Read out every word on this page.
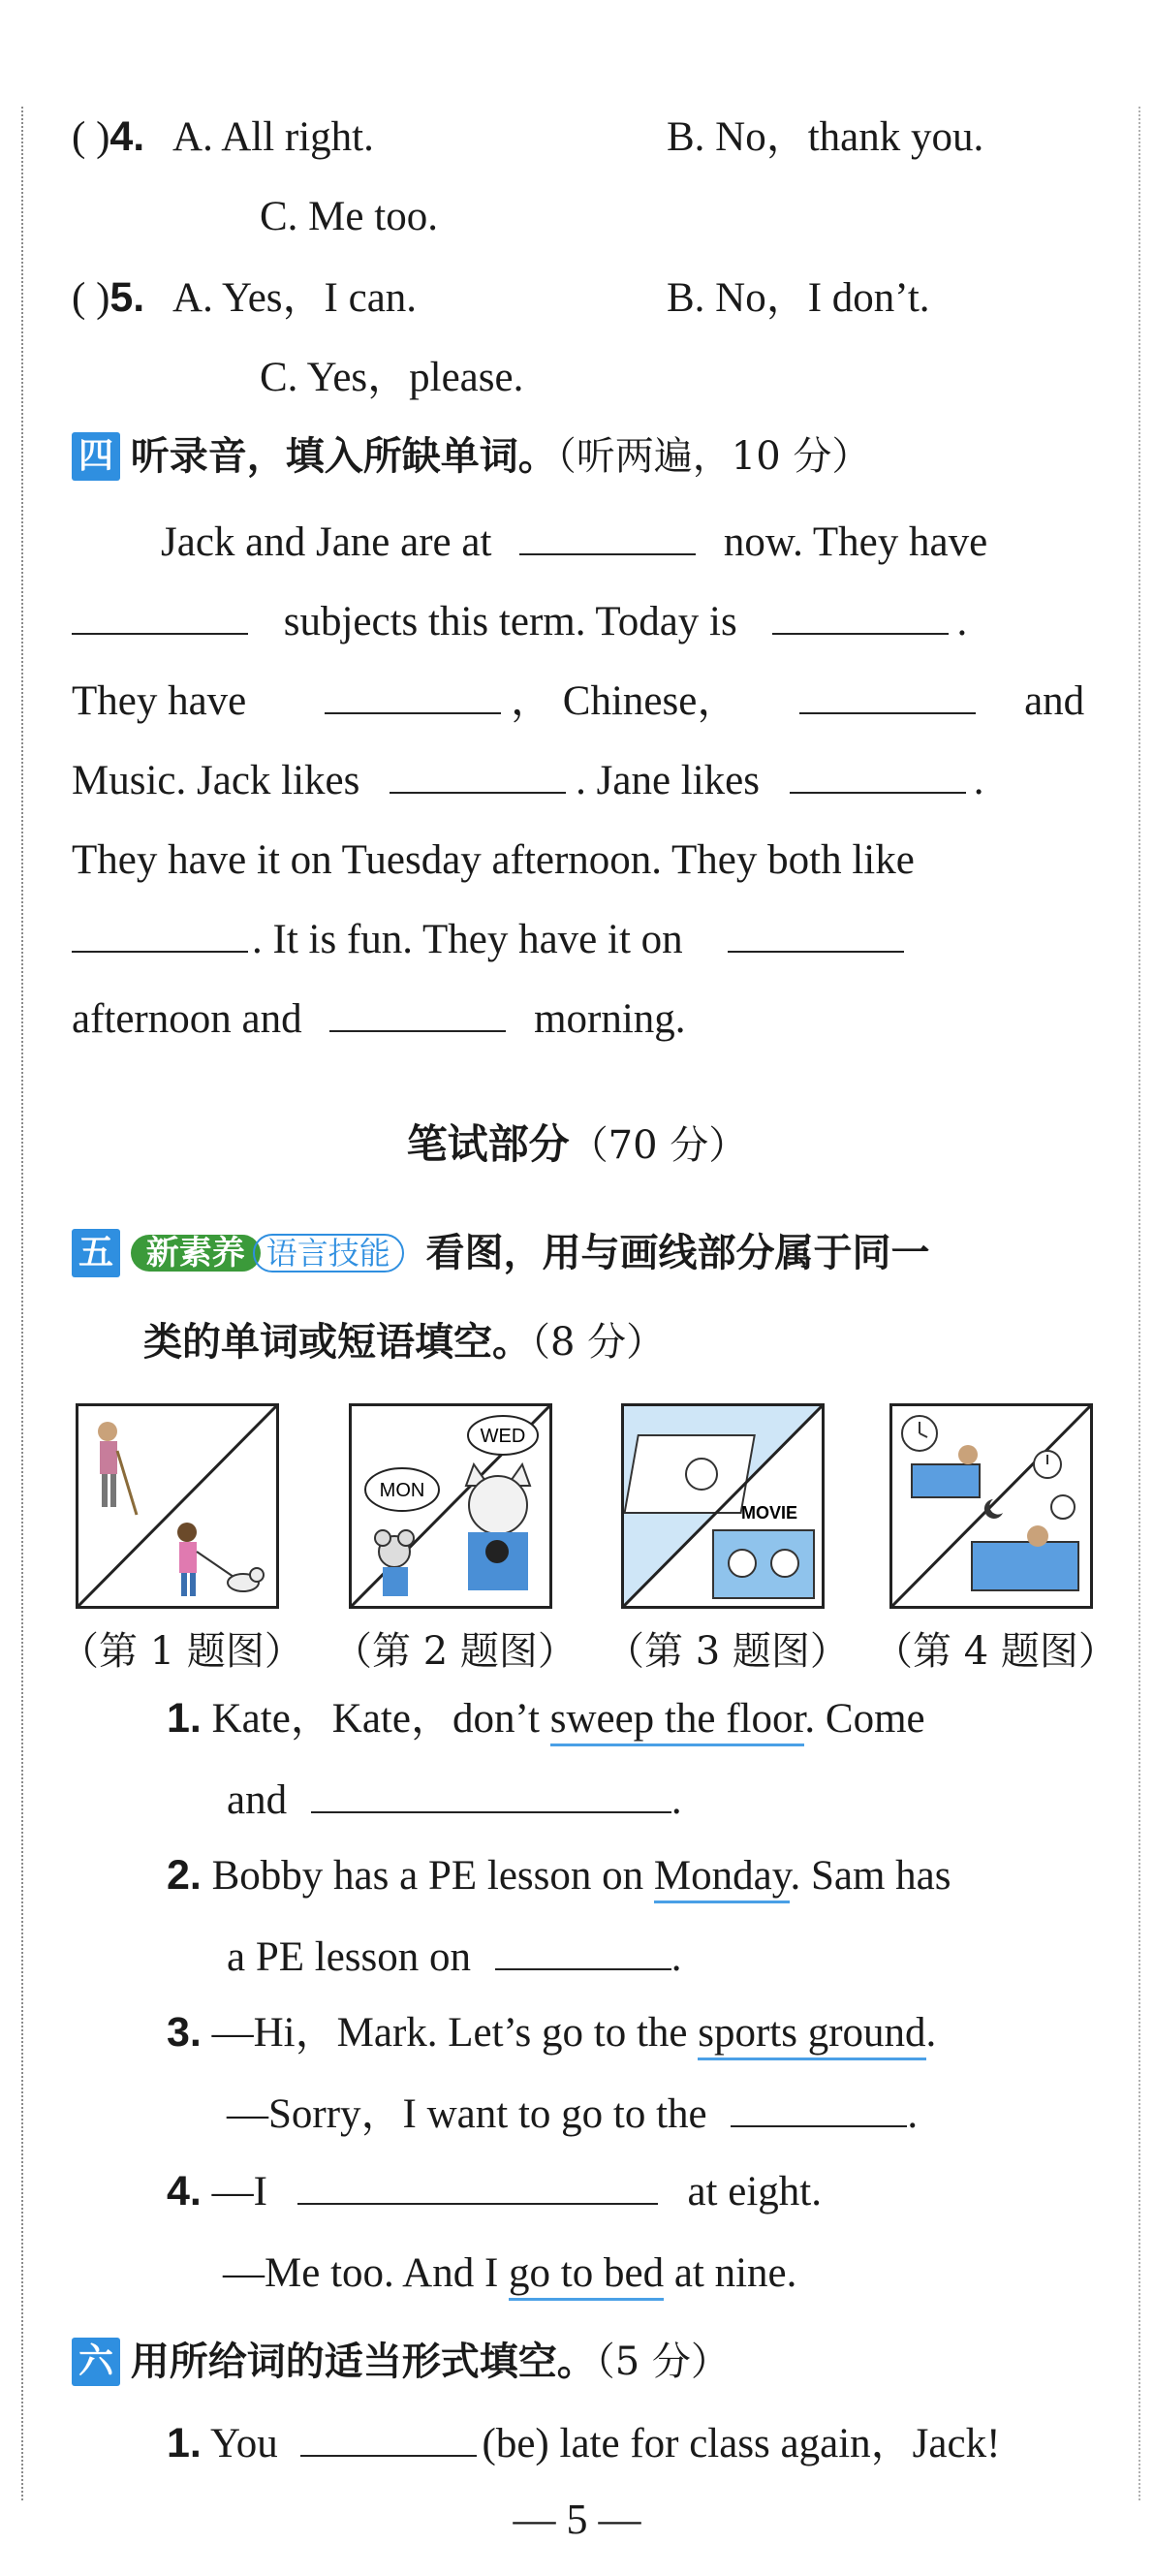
( )4. A. All right.	B. No，thank you.
C. Me too.
( )5. A. Yes，I can.	B. No，I don’t.
C. Yes，please.
四 听录音，填入所缺单词。（听两遍，10 分）
Jack and Jane are at	now. They have
subjects this term. Today is	.
They have	， Chinese，	and
Music. Jack likes	. Jane likes	.
They have it on Tuesday afternoon. They both like
. It is fun. They have it on
afternoon and	morning.
笔试部分（70 分）
五 新素养 语言技能 看图，用与画线部分属于同一
类的单词或短语填空。（8 分）
MON
WED
MOVIE
（第 1 题图） （第 2 题图） （第 3 题图） （第 4 题图）
1. Kate，Kate，don’t sweep the floor. Come
and	.
2. Bobby has a PE lesson on Monday. Sam has
a PE lesson on	.
3. —Hi，Mark. Let’s go to the sports ground.
—Sorry，I want to go to the	.
4. —I	at eight.
—Me too. And I go to bed at nine.
六 用所给词的适当形式填空。（5 分）
1. You	(be) late for class again，Jack!
— 5 —
